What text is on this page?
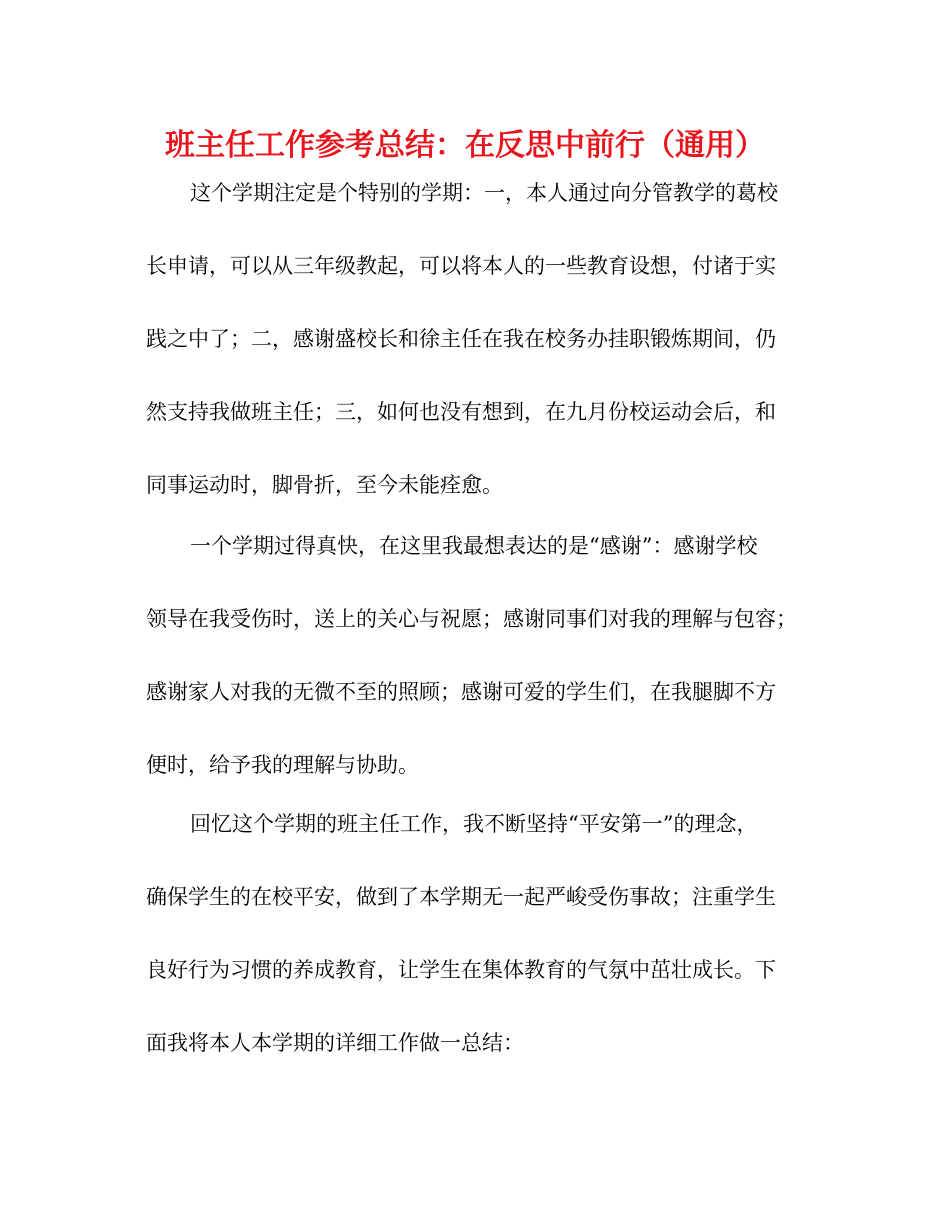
班主任工作参考总结：在反思中前行（通用）
这个学期注定是个特别的学期：一，本人通过向分管教学的葛校
长申请，可以从三年级教起，可以将本人的一些教育设想，付诸于实
践之中了；二，感谢盛校长和徐主任在我在校务办挂职锻炼期间，仍
然支持我做班主任；三，如何也没有想到，在九月份校运动会后，和
同事运动时，脚骨折，至今未能痊愈。
一个学期过得真快，在这里我最想表达的是“感谢”：感谢学校
领导在我受伤时，送上的关心与祝愿；感谢同事们对我的理解与包容；
感谢家人对我的无微不至的照顾；感谢可爱的学生们，在我腿脚不方
便时，给予我的理解与协助。
回忆这个学期的班主任工作，我不断坚持“平安第一”的理念，
确保学生的在校平安，做到了本学期无一起严峻受伤事故；注重学生
良好行为习惯的养成教育，让学生在集体教育的气氛中茁壮成长。下
面我将本人本学期的详细工作做一总结：
